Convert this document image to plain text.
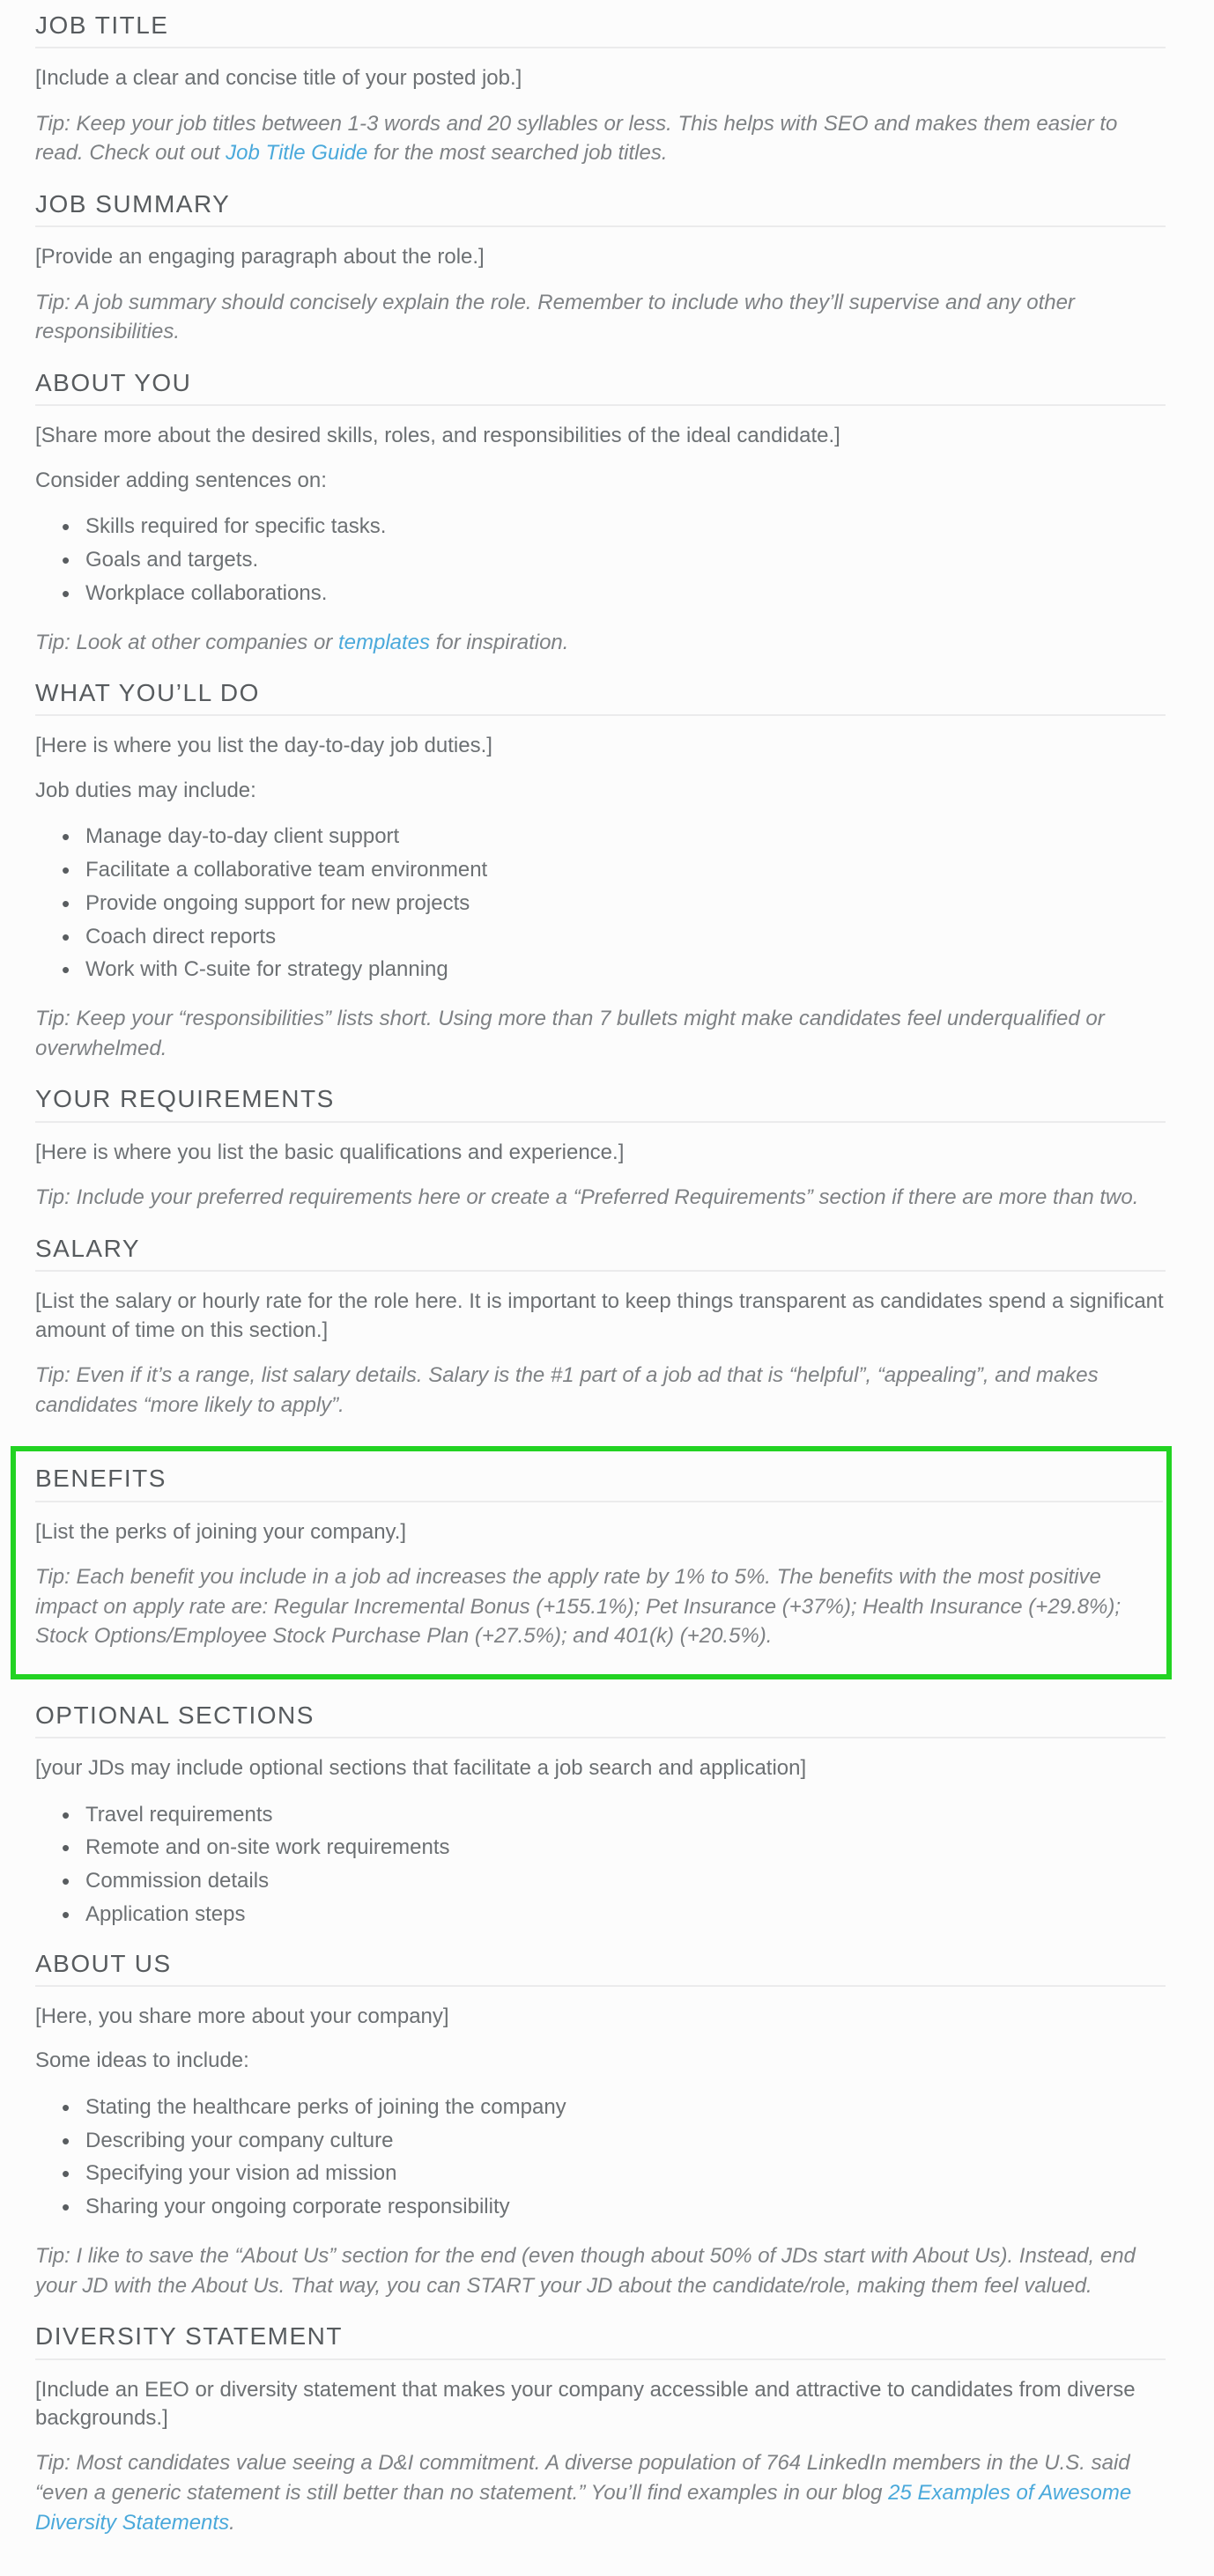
JOB TITLE

[Include a clear and concise title of your posted job.]

Tip: Keep your job titles between 1-3 words and 20 syllables or less. This helps with SEO and makes them easier to read. Check out out Job Title Guide for the most searched job titles.

JOB SUMMARY

[Provide an engaging paragraph about the role.]

Tip: A job summary should concisely explain the role. Remember to include who they’ll supervise and any other responsibilities.

ABOUT YOU

[Share more about the desired skills, roles, and responsibilities of the ideal candidate.]

Consider adding sentences on:

• Skills required for specific tasks.
• Goals and targets.
• Workplace collaborations.

Tip: Look at other companies or templates for inspiration.

WHAT YOU’LL DO

[Here is where you list the day-to-day job duties.]

Job duties may include:

• Manage day-to-day client support
• Facilitate a collaborative team environment
• Provide ongoing support for new projects
• Coach direct reports
• Work with C-suite for strategy planning

Tip: Keep your “responsibilities” lists short. Using more than 7 bullets might make candidates feel underqualified or overwhelmed.

YOUR REQUIREMENTS

[Here is where you list the basic qualifications and experience.]

Tip: Include your preferred requirements here or create a “Preferred Requirements” section if there are more than two.

SALARY

[List the salary or hourly rate for the role here. It is important to keep things transparent as candidates spend a significant amount of time on this section.]

Tip: Even if it’s a range, list salary details. Salary is the #1 part of a job ad that is “helpful”, “appealing”, and makes candidates “more likely to apply”.

BENEFITS

[List the perks of joining your company.]

Tip: Each benefit you include in a job ad increases the apply rate by 1% to 5%. The benefits with the most positive impact on apply rate are: Regular Incremental Bonus (+155.1%); Pet Insurance (+37%); Health Insurance (+29.8%); Stock Options/Employee Stock Purchase Plan (+27.5%); and 401(k) (+20.5%).

OPTIONAL SECTIONS

[your JDs may include optional sections that facilitate a job search and application]

• Travel requirements
• Remote and on-site work requirements
• Commission details
• Application steps
ABOUT US

[Here, you share more about your company]

Some ideas to include:

• Stating the healthcare perks of joining the company
• Describing your company culture
• Specifying your vision ad mission
• Sharing your ongoing corporate responsibility

Tip: I like to save the “About Us” section for the end (even though about 50% of JDs start with About Us). Instead, end your JD with the About Us. That way, you can START your JD about the candidate/role, making them feel valued.

DIVERSITY STATEMENT

[Include an EEO or diversity statement that makes your company accessible and attractive to candidates from diverse backgrounds.]

Tip: Most candidates value seeing a D&I commitment. A diverse population of 764 LinkedIn members in the U.S. said “even a generic statement is still better than no statement.” You’ll find examples in our blog 25 Examples of Awesome Diversity Statements.
